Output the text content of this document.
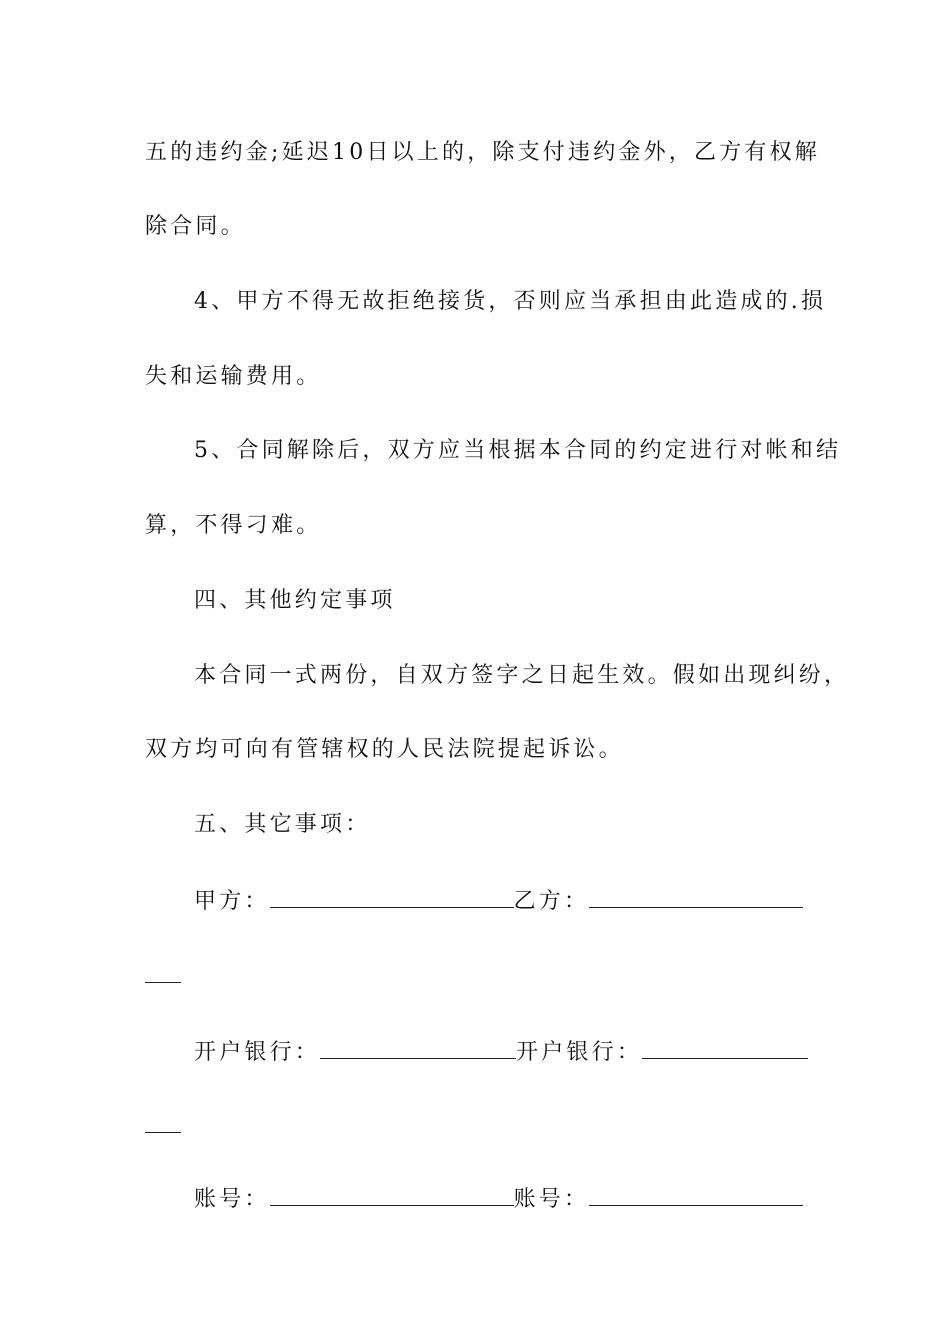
五的违约金;延迟10日以上的，除支付违约金外，乙方有权解
除合同。
4、甲方不得无故拒绝接货，否则应当承担由此造成的.损
失和运输费用。
5、合同解除后，双方应当根据本合同的约定进行对帐和结
算，不得刁难。
四、其他约定事项
本合同一式两份，自双方签字之日起生效。假如出现纠纷，
双方均可向有管辖权的人民法院提起诉讼。
五、其它事项：
甲方：	乙方：
开户银行：	开户银行：
账号：	账号：
